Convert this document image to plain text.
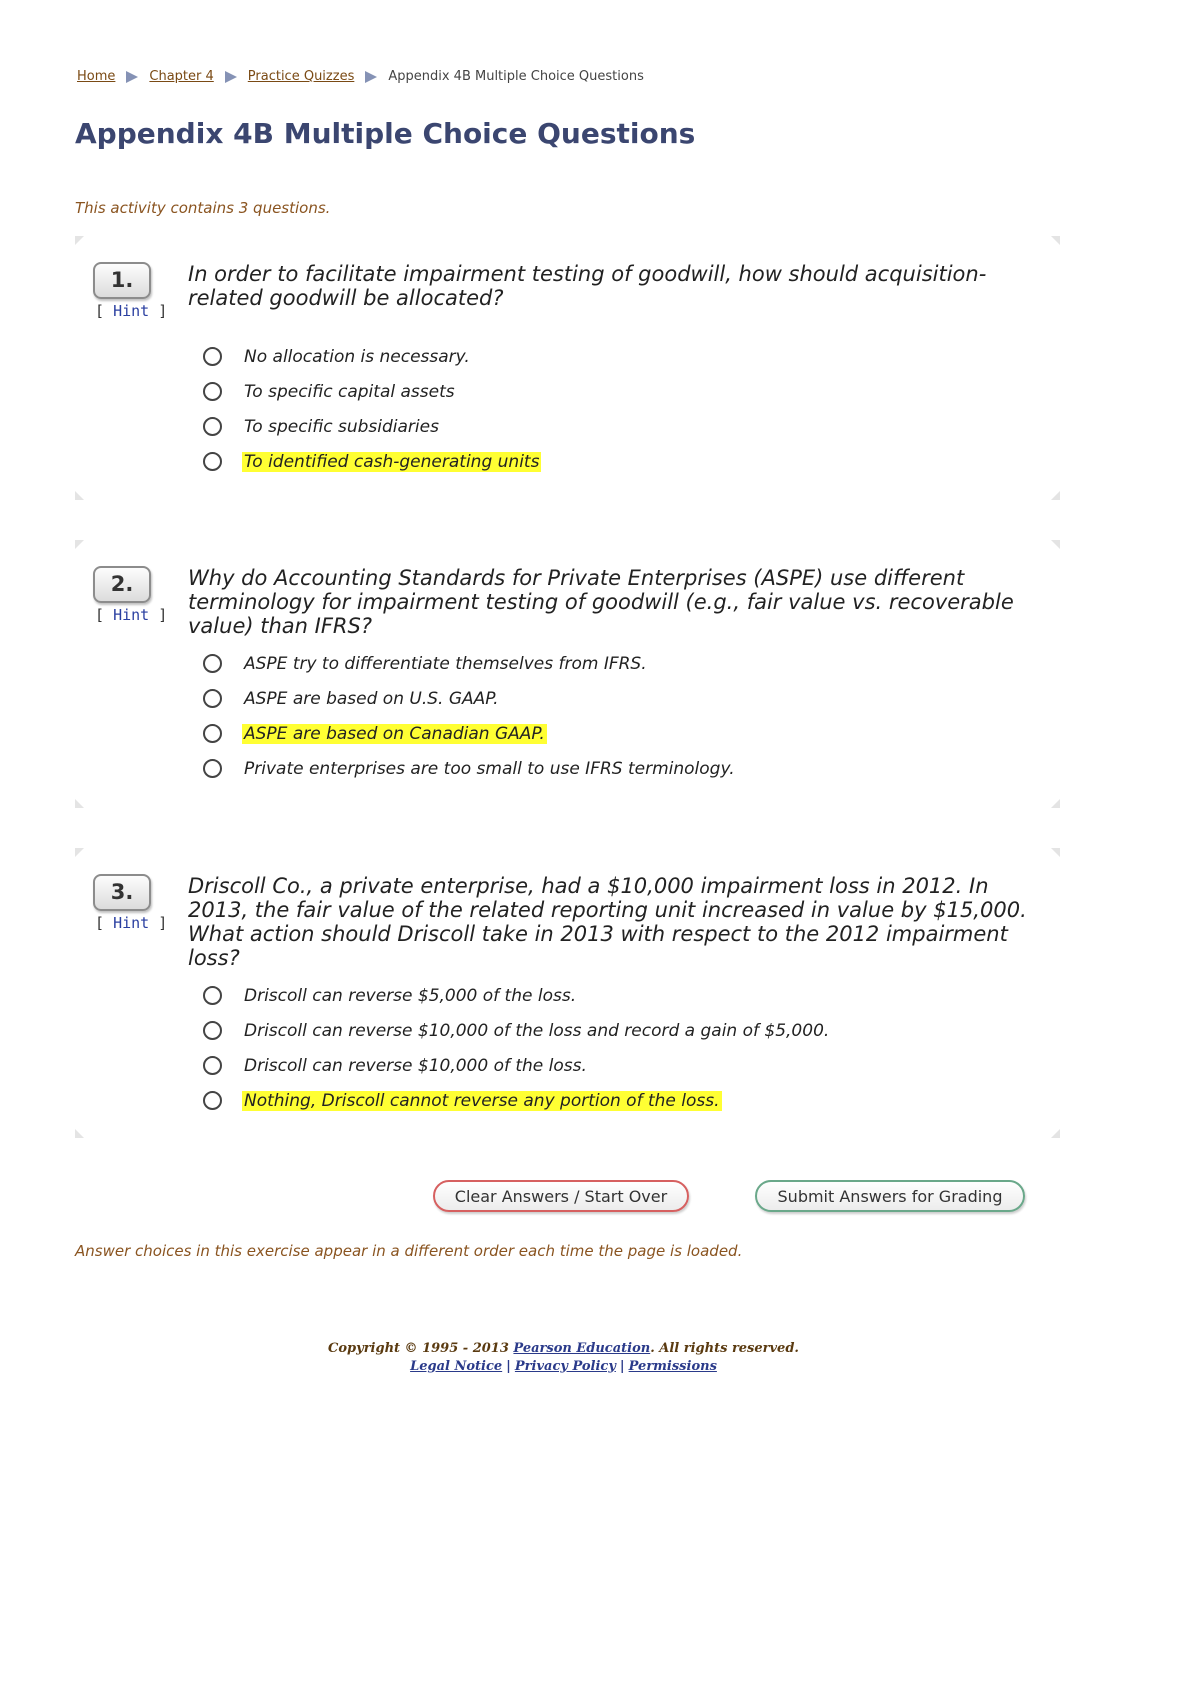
Home	Chapter 4	Practice Quizzes	Appendix 4B Multiple Choice Questions
Appendix 4B Multiple Choice Questions
This activity contains 3 questions.
1.
[ Hint ]

In order to facilitate impairment testing of goodwill, how should acquisition-related goodwill be allocated?

No allocation is necessary.
To specific capital assets
To specific subsidiaries
To identified cash-generating units
2.
[ Hint ]

Why do Accounting Standards for Private Enterprises (ASPE) use different terminology for impairment testing of goodwill (e.g., fair value vs. recoverable value) than IFRS?

ASPE try to differentiate themselves from IFRS.
ASPE are based on U.S. GAAP.
ASPE are based on Canadian GAAP.
Private enterprises are too small to use IFRS terminology.
3.
[ Hint ]

Driscoll Co., a private enterprise, had a $10,000 impairment loss in 2012. In 2013, the fair value of the related reporting unit increased in value by $15,000. What action should Driscoll take in 2013 with respect to the 2012 impairment loss?

Driscoll can reverse $5,000 of the loss.
Driscoll can reverse $10,000 of the loss and record a gain of $5,000.
Driscoll can reverse $10,000 of the loss.
Nothing, Driscoll cannot reverse any portion of the loss.
Clear Answers / Start Over	Submit Answers for Grading
Answer choices in this exercise appear in a different order each time the page is loaded.
Copyright © 1995 - 2013 Pearson Education. All rights reserved.
Legal Notice | Privacy Policy | Permissions
